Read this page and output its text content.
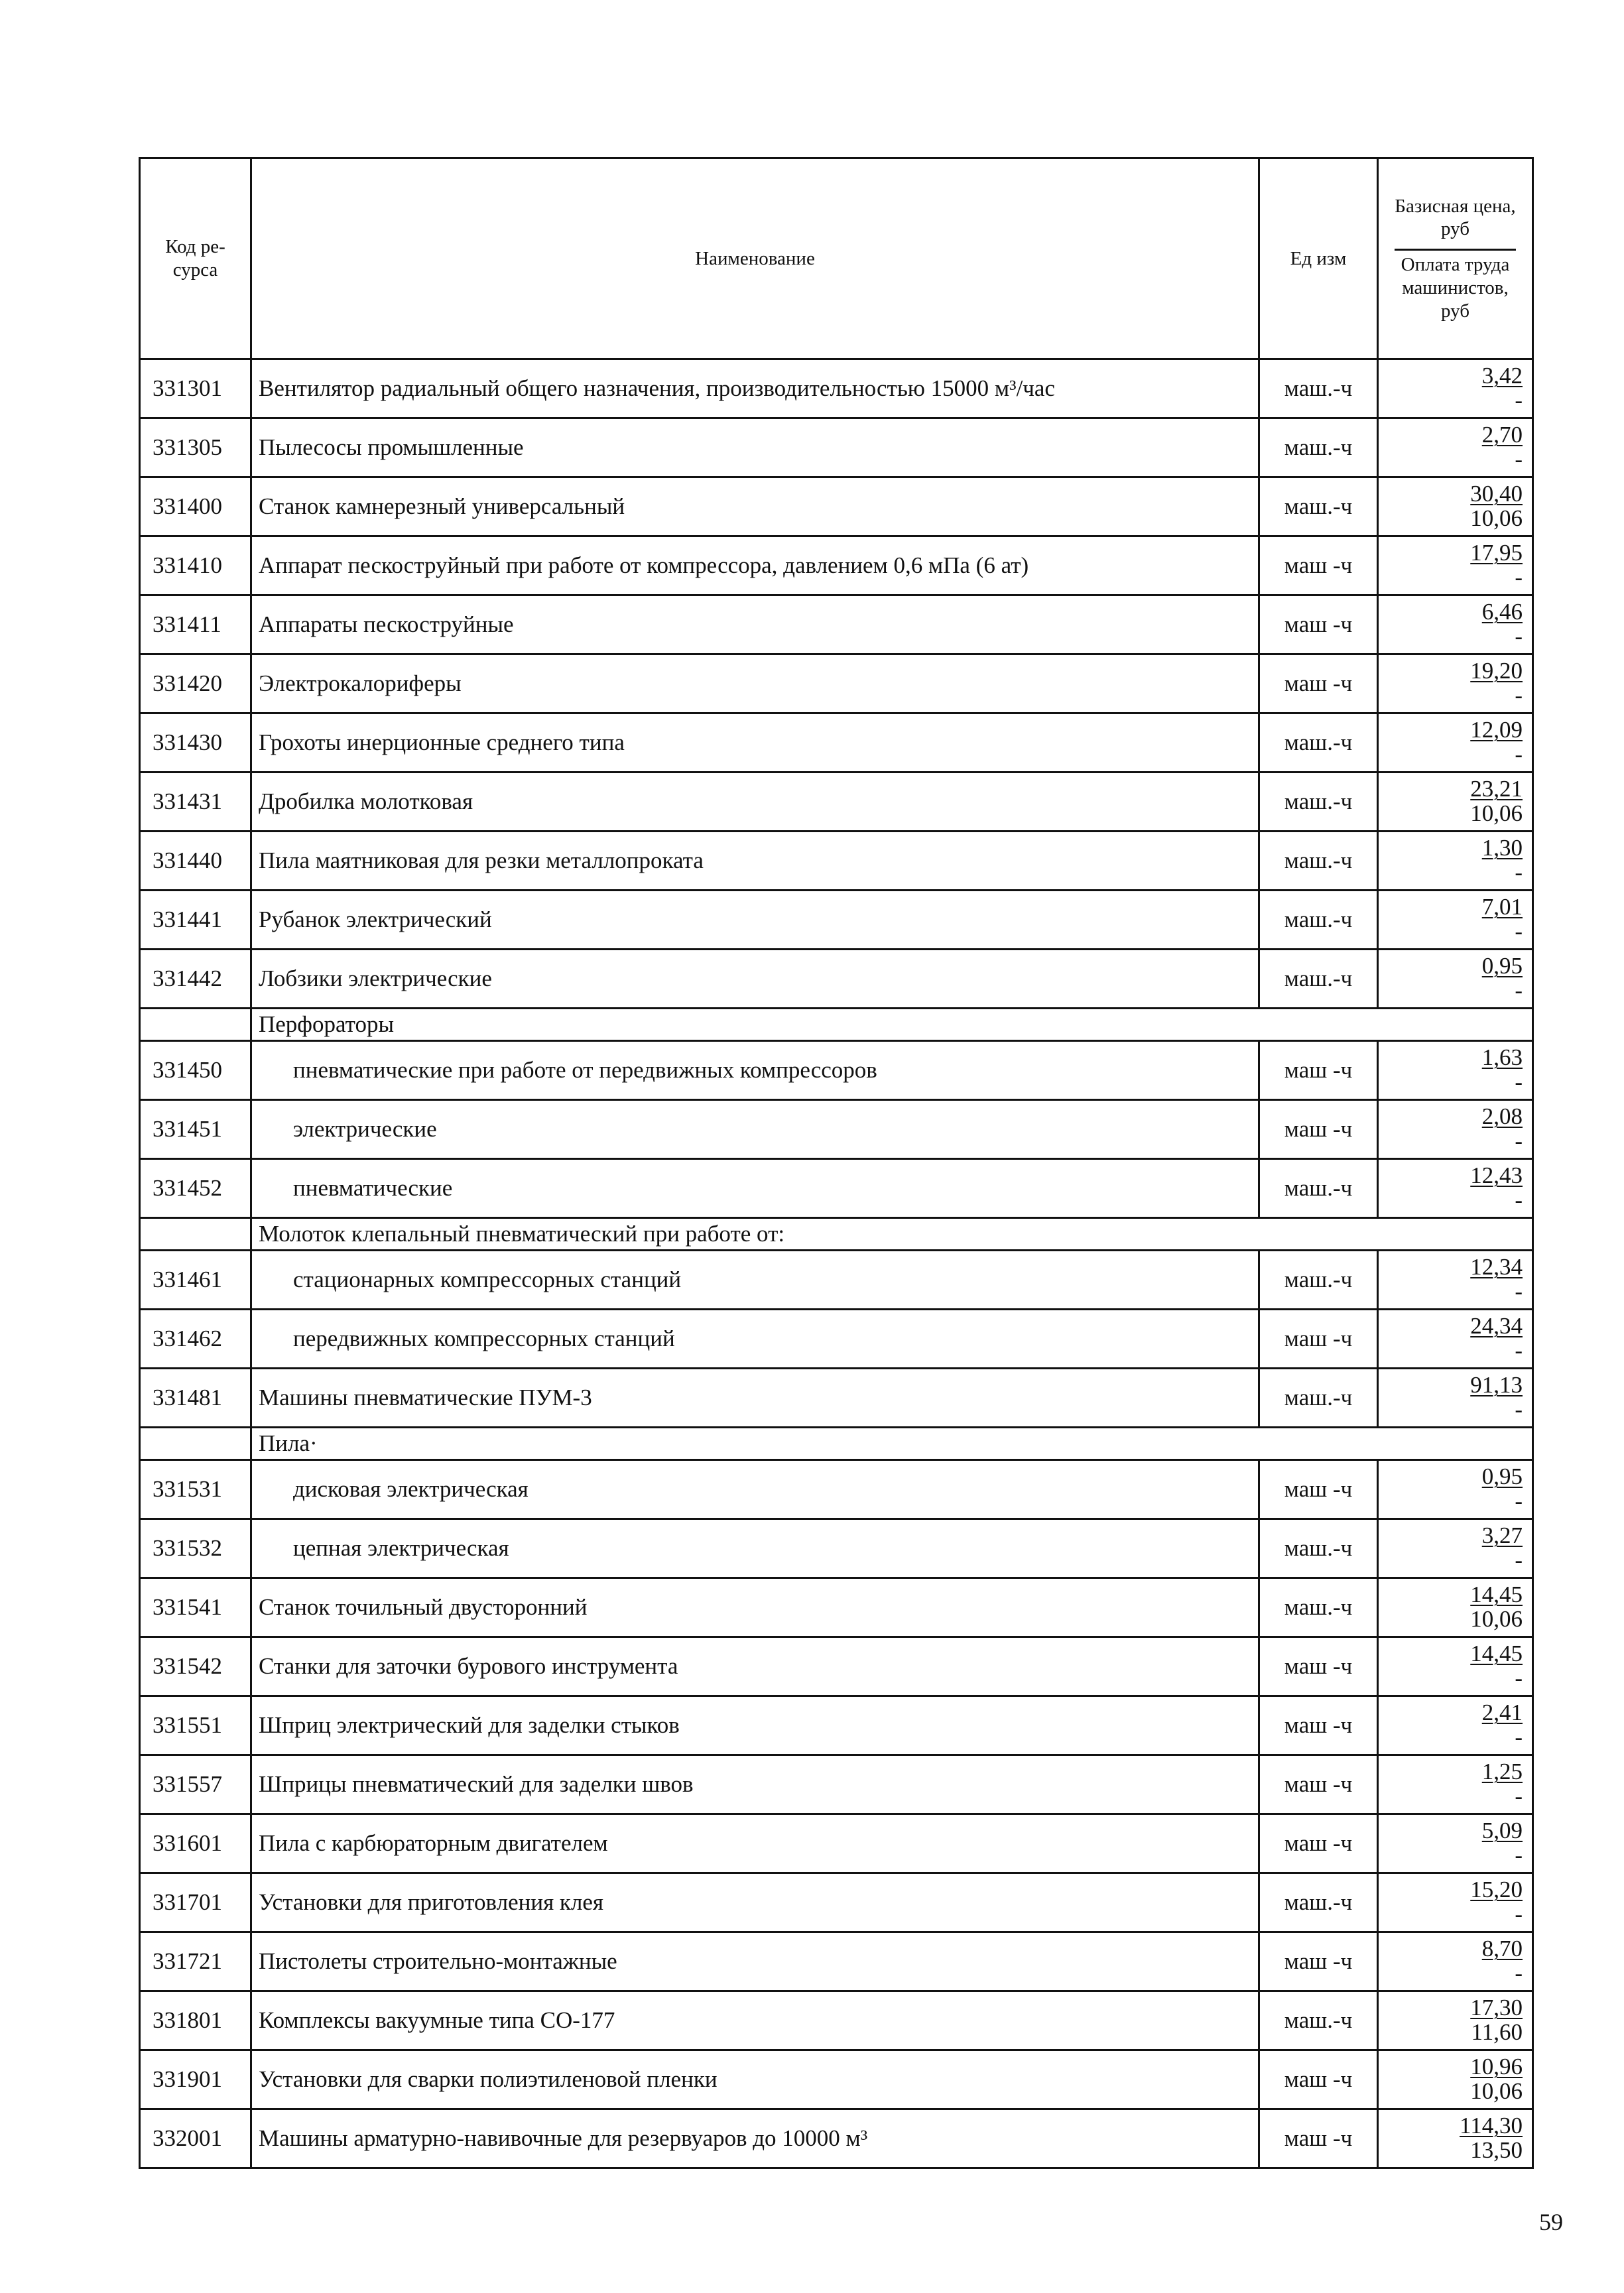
Код ре-
сурса	Наименование	Ед изм	Базисная цена, руб
Оплата труда машинистов, руб

331301	Вентилятор радиальный общего назначения, производительностью 15000 м³/час	маш.-ч	3,42
-

331305	Пылесосы промышленные	маш.-ч	2,70
-

331400	Станок камнерезный универсальный	маш.-ч	30,40
10,06

331410	Аппарат пескоструйный при работе от компрессора, давлением 0,6 мПа (6 ат)	маш -ч	17,95
-

331411	Аппараты пескоструйные	маш -ч	6,46
-

331420	Электрокалориферы	маш -ч	19,20
-

331430	Грохоты инерционные среднего типа	маш.-ч	12,09
-

331431	Дробилка молотковая	маш.-ч	23,21
10,06

331440	Пила маятниковая для резки металлопроката	маш.-ч	1,30
-

331441	Рубанок электрический	маш.-ч	7,01
-

331442	Лобзики электрические	маш.-ч	0,95
-

	Перфораторы		
331450	пневматические при работе от передвижных компрессоров	маш -ч	1,63
-

331451	электрические	маш -ч	2,08
-

331452	пневматические	маш.-ч	12,43
-

	Молоток клепальный пневматический при работе от:		
331461	стационарных компрессорных станций	маш.-ч	12,34
-

331462	передвижных компрессорных станций	маш -ч	24,34
-

331481	Машины пневматические ПУМ-3	маш.-ч	91,13
-

	Пила·		
331531	дисковая электрическая	маш -ч	0,95
-

331532	цепная электрическая	маш.-ч	3,27
-

331541	Станок точильный двусторонний	маш.-ч	14,45
10,06

331542	Станки для заточки бурового инструмента	маш -ч	14,45
-

331551	Шприц электрический для заделки стыков	маш -ч	2,41
-

331557	Шприцы пневматический для заделки швов	маш -ч	1,25
-

331601	Пила с карбюраторным двигателем	маш -ч	5,09
-

331701	Установки для приготовления клея	маш.-ч	15,20
-

331721	Пистолеты строительно-монтажные	маш -ч	8,70
-

331801	Комплексы вакуумные типа СО-177	маш.-ч	17,30
11,60

331901	Установки для сварки полиэтиленовой пленки	маш -ч	10,96
10,06

332001	Машины арматурно-навивочные для резервуаров до 10000 м³	маш -ч	114,30
13,50
59
